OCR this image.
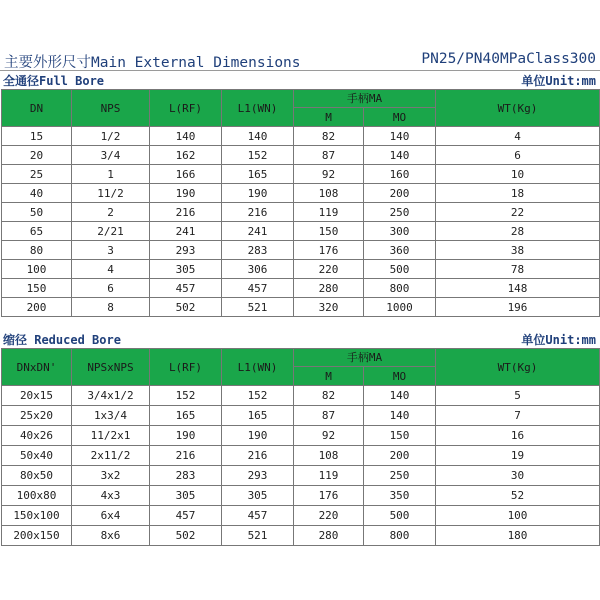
主要外形尺寸Main External Dimensions	PN25/PN40MPaClass300
全通径Full Bore	单位Unit:mm
DN	NPS	L(RF)	L1(WN)	手柄MA		WT(Kg)
				M	MO	
15	1/2	140	140	82	140	4
20	3/4	162	152	87	140	6
25	1	166	165	92	160	10
40	11/2	190	190	108	200	18
50	2	216	216	119	250	22
65	2/21	241	241	150	300	28
80	3	293	283	176	360	38
100	4	305	306	220	500	78
150	6	457	457	280	800	148
200	8	502	521	320	1000	196
缩径 Reduced Bore	单位Unit:mm
DNxDN'	NPSxNPS	L(RF)	L1(WN)	手柄MA		WT(Kg)
				M	MO	
20x15	3/4x1/2	152	152	82	140	5
25x20	1x3/4	165	165	87	140	7
40x26	11/2x1	190	190	92	150	16
50x40	2x11/2	216	216	108	200	19
80x50	3x2	283	293	119	250	30
100x80	4x3	305	305	176	350	52
150x100	6x4	457	457	220	500	100
200x150	8x6	502	521	280	800	180
